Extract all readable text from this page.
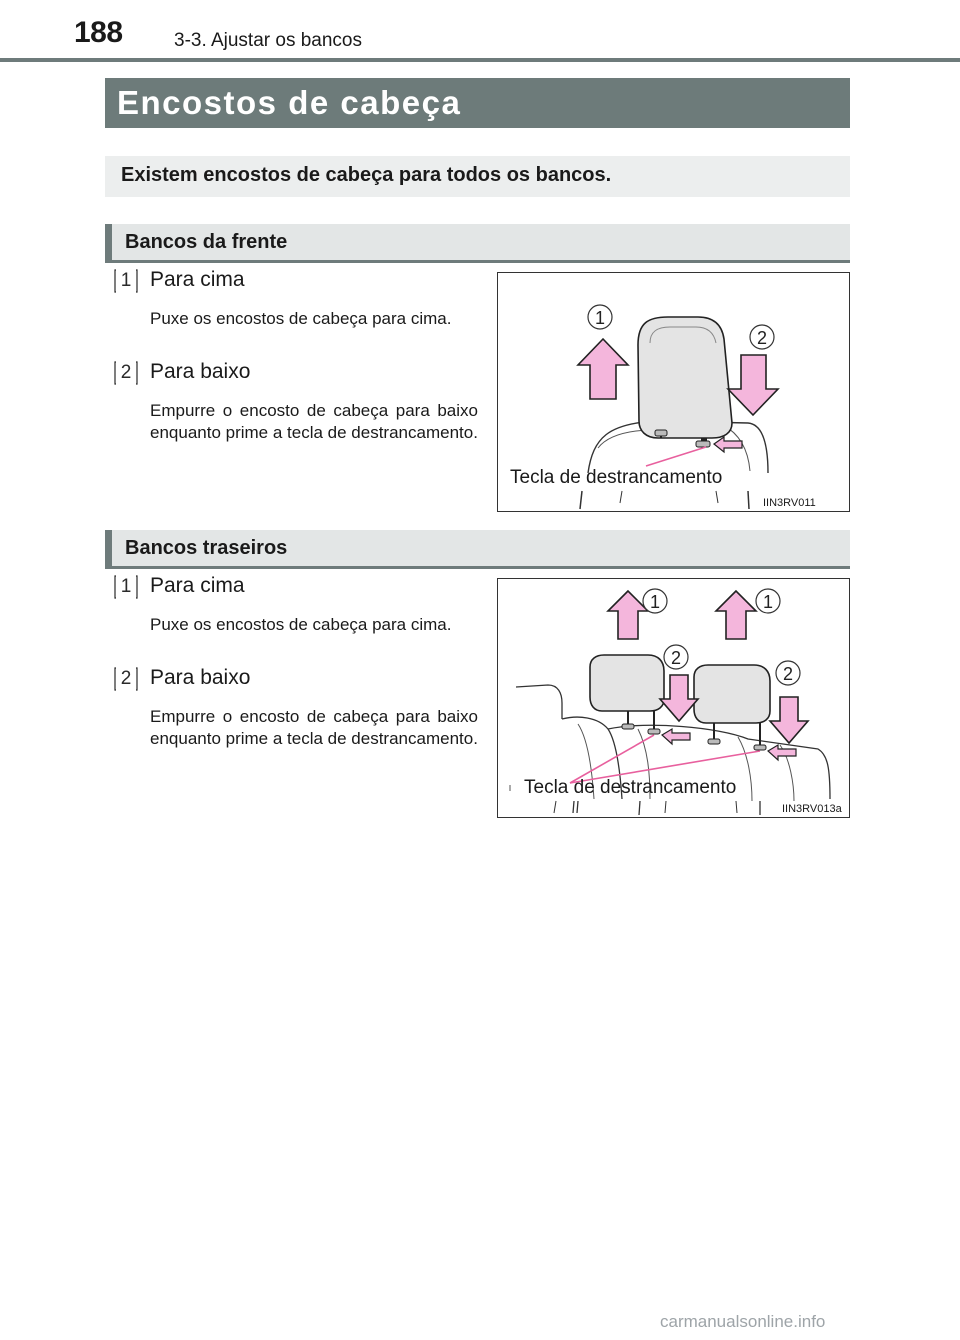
188	3-3. Ajustar os bancos
Encostos de cabeça
Existem encostos de cabeça para todos os bancos.
Bancos da frente
1 Para cima
Puxe os encostos de cabeça para cima.
2 Para baixo
Empurre o encosto de cabeça para baixo enquanto prime a tecla de destrancamento.
1
2
Tecla de destrancamento
IIN3RV011
Bancos traseiros
1 Para cima
Puxe os encostos de cabeça para cima.
2 Para baixo
Empurre o encosto de cabeça para baixo enquanto prime a tecla de destrancamento.
1	1
2
2
Tecla de destrancamento
IIN3RV013a
carmanualsonline.info
